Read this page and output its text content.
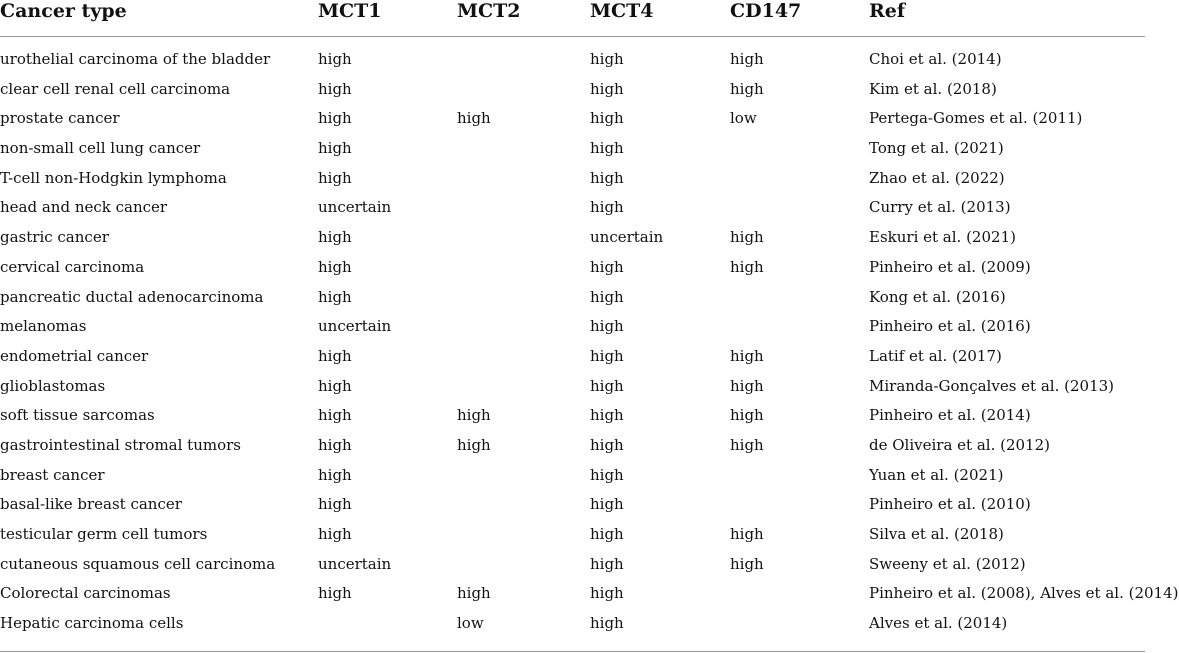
Cancer type	MCT1	MCT2	MCT4	CD147	Ref

urothelial carcinoma of the bladder	high		high	high	Choi et al. (2014)
clear cell renal cell carcinoma	high		high	high	Kim et al. (2018)
prostate cancer	high	high	high	low	Pertega-Gomes et al. (2011)
non-small cell lung cancer	high		high		Tong et al. (2021)
T-cell non-Hodgkin lymphoma	high		high		Zhao et al. (2022)
head and neck cancer	uncertain		high		Curry et al. (2013)
gastric cancer	high		uncertain	high	Eskuri et al. (2021)
cervical carcinoma	high		high	high	Pinheiro et al. (2009)
pancreatic ductal adenocarcinoma	high		high		Kong et al. (2016)
melanomas	uncertain		high		Pinheiro et al. (2016)
endometrial cancer	high		high	high	Latif et al. (2017)
glioblastomas	high		high	high	Miranda-Gonçalves et al. (2013)
soft tissue sarcomas	high	high	high	high	Pinheiro et al. (2014)
gastrointestinal stromal tumors	high	high	high	high	de Oliveira et al. (2012)
breast cancer	high		high		Yuan et al. (2021)
basal-like breast cancer	high		high		Pinheiro et al. (2010)
testicular germ cell tumors	high		high	high	Silva et al. (2018)
cutaneous squamous cell carcinoma	uncertain		high	high	Sweeny et al. (2012)
Colorectal carcinomas	high	high	high		Pinheiro et al. (2008), Alves et al. (2014)
Hepatic carcinoma cells		low	high		Alves et al. (2014)
